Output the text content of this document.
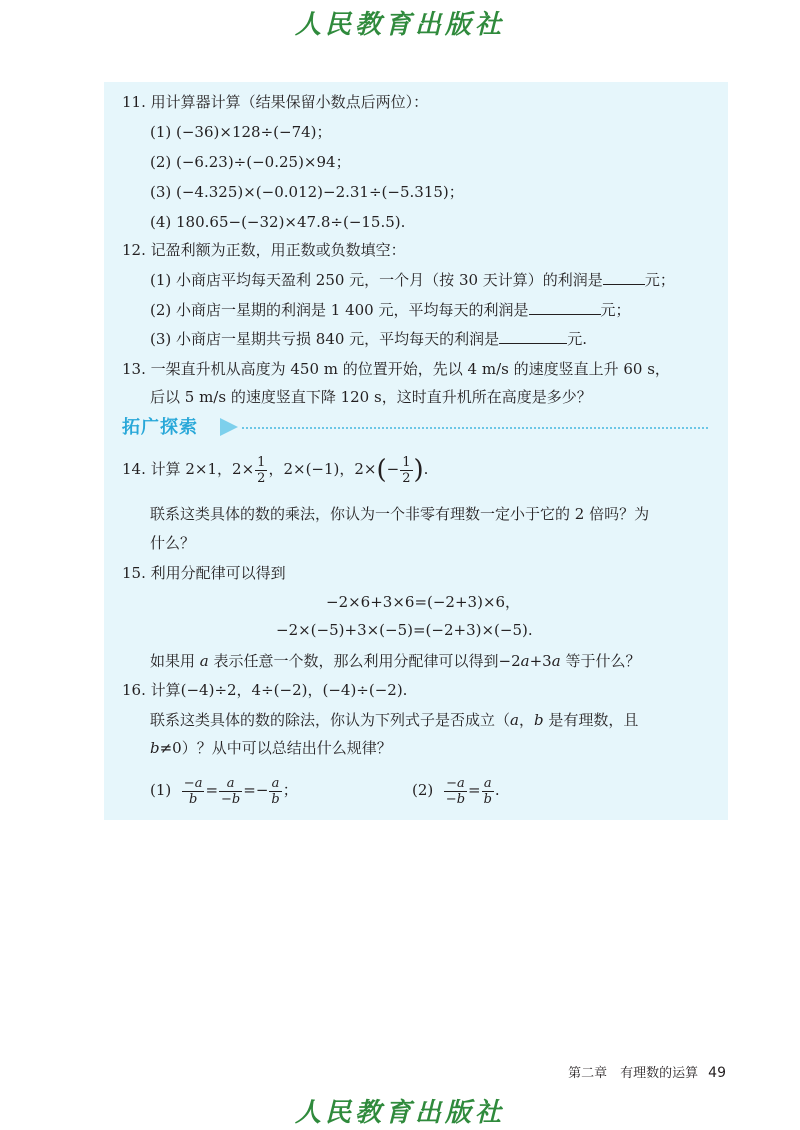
人民教育出版社
11. 用计算器计算（结果保留小数点后两位）：
(1) (−36)×128÷(−74)；
(2) (−6.23)÷(−0.25)×94；
(3) (−4.325)×(−0.012)−2.31÷(−5.315)；
(4) 180.65−(−32)×47.8÷(−15.5).
12. 记盈利额为正数，用正数或负数填空：
(1) 小商店平均每天盈利 250 元，一个月（按 30 天计算）的利润是	元；
(2) 小商店一星期的利润是 1 400 元，平均每天的利润是	元；
(3) 小商店一星期共亏损 840 元，平均每天的利润是	元.
13. 一架直升机从高度为 450 m 的位置开始，先以 4 m/s 的速度竖直上升 60 s，
后以 5 m/s 的速度竖直下降 120 s，这时直升机所在高度是多少？
拓广探索
14. 计算 2×1，$2\times \frac{1}{2}$ ，2×(−1)，$2\times(- \frac{1}{2}$ ).
联系这类具体的数的乘法，你认为一个非零有理数一定小于它的 2 倍吗？为
什么？
15. 利用分配律可以得到
−2×6+3×6=(−2+3)×6，
−2×(−5)+3×(−5)=(−2+3)×(−5).
如果用 a 表示任意一个数，那么利用分配律可以得到−2a+3a 等于什么？
16. 计算(−4)÷2，4÷(−2)，(−4)÷(−2).
联系这类具体的数的除法，你认为下列式子是否成立（a，b 是有理数，且
b≠0）？从中可以总结出什么规律？
$(1) \frac{-a}{b} = \frac{a}{-b} =- \frac{a}{b}$ ；	$(2) \frac{-a}{-b} = \frac{a}{b}$ .
第二章　有理数的运算 49
人民教育出版社
